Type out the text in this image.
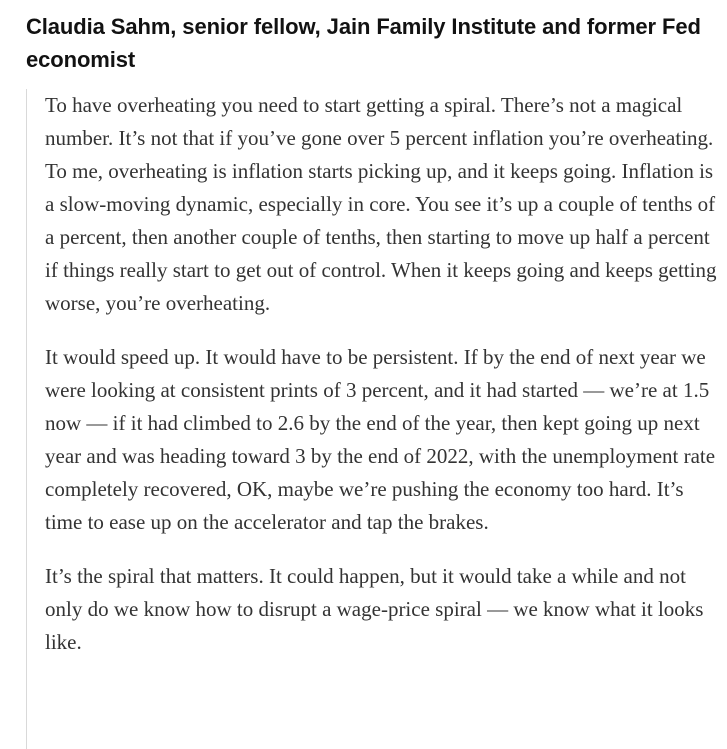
Claudia Sahm, senior fellow, Jain Family Institute and former Fed economist

To have overheating you need to start getting a spiral. There’s not a magical number. It’s not that if you’ve gone over 5 percent inflation you’re overheating. To me, overheating is inflation starts picking up, and it keeps going. Inflation is a slow-moving dynamic, especially in core. You see it’s up a couple of tenths of a percent, then another couple of tenths, then starting to move up half a percent if things really start to get out of control. When it keeps going and keeps getting worse, you’re overheating.

It would speed up. It would have to be persistent. If by the end of next year we were looking at consistent prints of 3 percent, and it had started — we’re at 1.5 now — if it had climbed to 2.6 by the end of the year, then kept going up next year and was heading toward 3 by the end of 2022, with the unemployment rate completely recovered, OK, maybe we’re pushing the economy too hard. It’s time to ease up on the accelerator and tap the brakes.

It’s the spiral that matters. It could happen, but it would take a while and not only do we know how to disrupt a wage-price spiral — we know what it looks like.
